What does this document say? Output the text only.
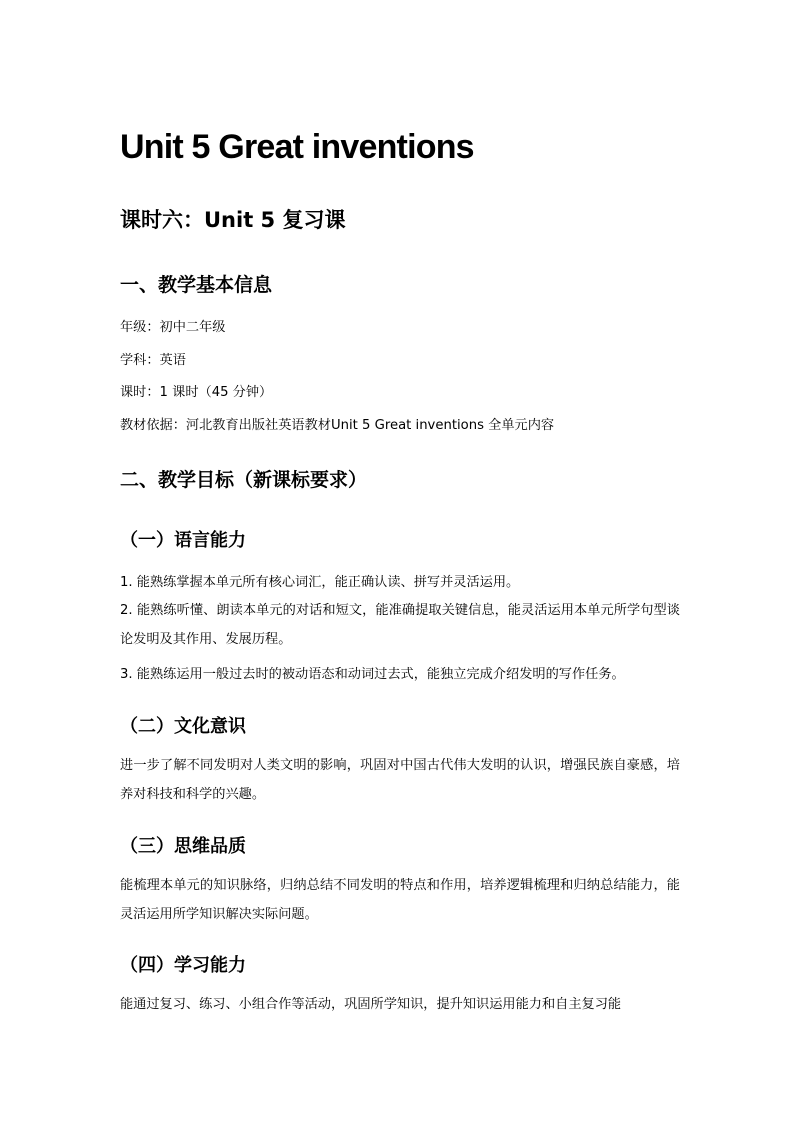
Unit 5 Great inventions
课时六：Unit 5 复习课
一、教学基本信息

年级：初中二年级

学科：英语

课时：1 课时（45 分钟）

教材依据：河北教育出版社英语教材Unit 5 Great inventions 全单元内容

二、教学目标（新课标要求）
（一）语言能力

1. 能熟练掌握本单元所有核心词汇，能正确认读、拼写并灵活运用。

2. 能熟练听懂、朗读本单元的对话和短文，能准确提取关键信息，能灵活运用本单元所学句型谈论发明及其作用、发展历程。

3. 能熟练运用一般过去时的被动语态和动词过去式，能独立完成介绍发明的写作任务。

（二）文化意识

进一步了解不同发明对人类文明的影响，巩固对中国古代伟大发明的认识，增强民族自豪感，培养对科技和科学的兴趣。

（三）思维品质

能梳理本单元的知识脉络，归纳总结不同发明的特点和作用，培养逻辑梳理和归纳总结能力，能灵活运用所学知识解决实际问题。

（四）学习能力

能通过复习、练习、小组合作等活动，巩固所学知识，提升知识运用能力和自主复习能
